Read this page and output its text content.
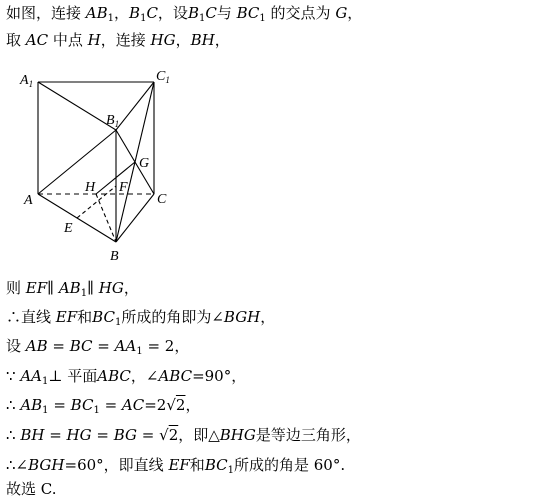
如图，连接 $AB_1$，$B_1C$，设$B_1C$与 $BC_1$ 的交点为 G，
取 AC 中点 H，连接 HG，BH，
$A_1$	$C_1$
$B_1$
G
H F
A	C
E
B
则 EF∥ $AB_1\parallel$ HG，
∴直线 EF和$BC_1$所成的角即为∠BGH，
设 AB = BC = $AA_1 = 2$，
∵ $AA_1\perp$ 平面ABC，∠ABC=90°，
∴ $AB_1 = BC_1 = AC=2√2$，
∴ BH = HG = BG = √2，即△BHG是等边三角形，
∴∠BGH=60°，即直线 EF和$BC_1$所成的角是 60°.
故选 C.
